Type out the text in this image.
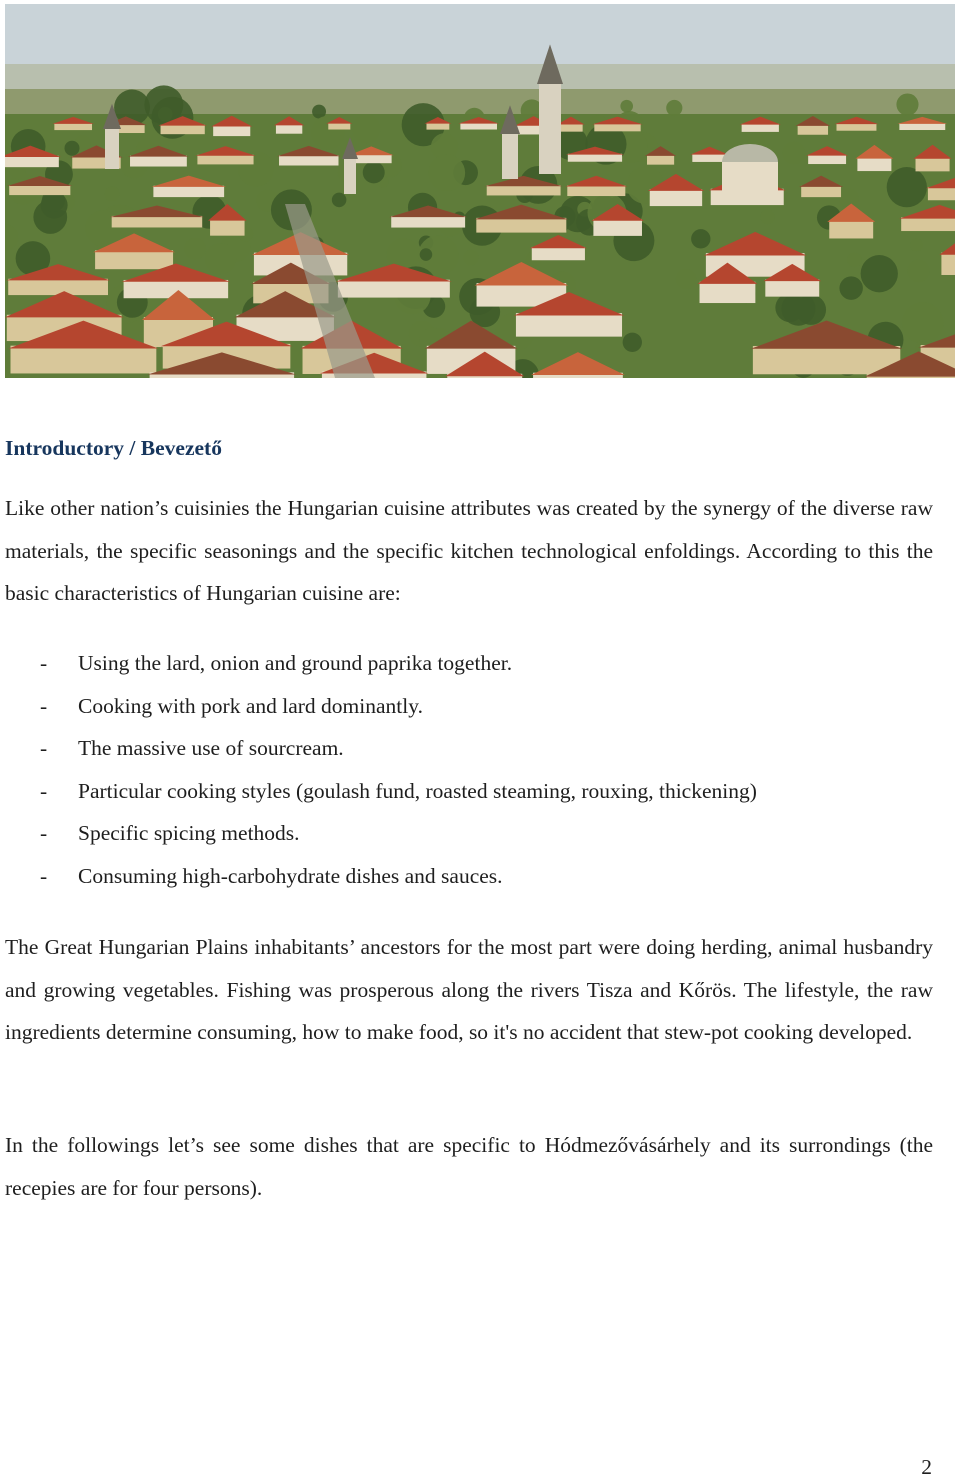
Introductory / Bevezető

Like other nation’s cuisinies the Hungarian cuisine attributes was created by the synergy of the diverse raw materials, the specific seasonings and the specific kitchen technological enfoldings. According to this the basic characteristics of Hungarian cuisine are:

- Using the lard, onion and ground paprika together.
- Cooking with pork and lard dominantly.
- The massive use of sourcream.
- Particular cooking styles (goulash fund, roasted steaming, rouxing, thickening)
- Specific spicing methods.
- Consuming high-carbohydrate dishes and sauces.

The Great Hungarian Plains inhabitants’ ancestors for the most part were doing herding, animal husbandry and growing vegetables. Fishing was prosperous along the rivers Tisza and Kőrös. The lifestyle, the raw ingredients determine consuming, how to make food, so it's no accident that stew-pot cooking developed.

In the followings let’s see some dishes that are specific to Hódmezővásárhely and its surrondings (the recepies are for four persons).

2
